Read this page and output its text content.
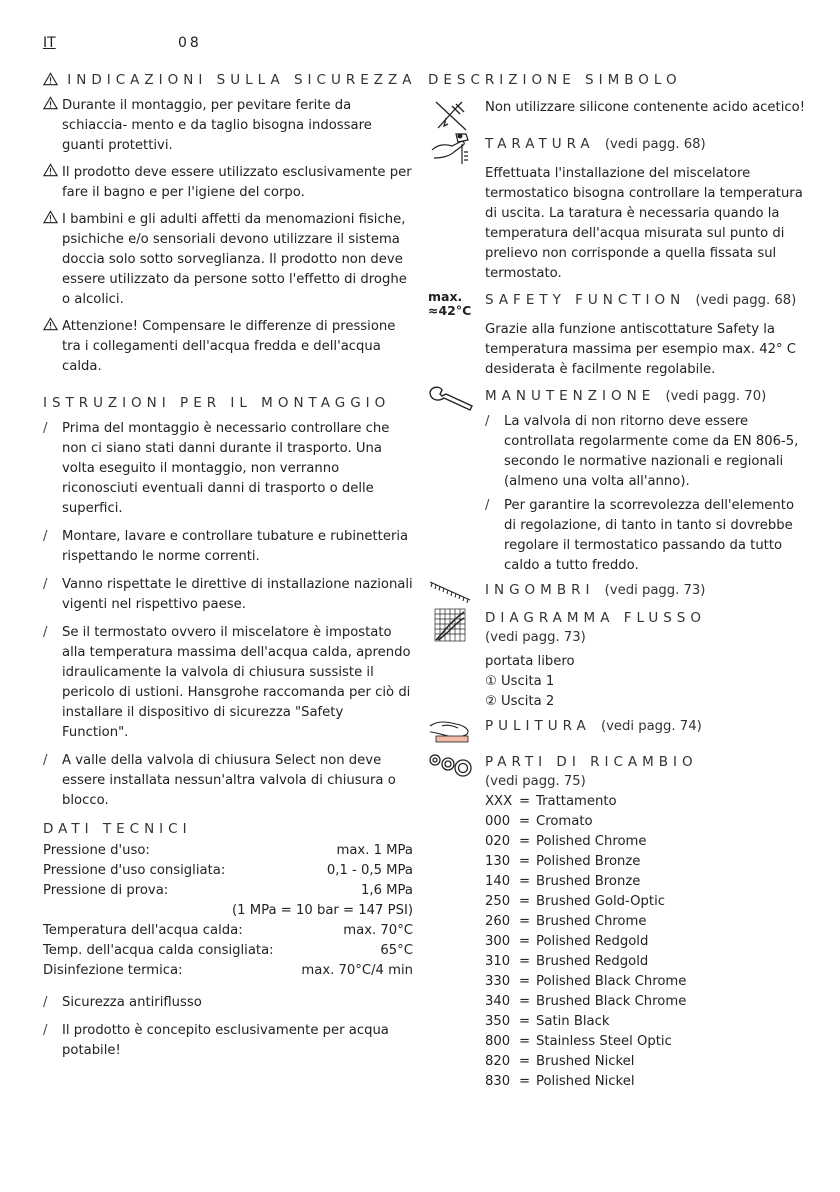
IT	08
INDICAZIONI SULLA SICUREZZA
Durante il montaggio, per pevitare ferite da schiaccia- mento e da taglio bisogna indossare guanti protettivi.
Il prodotto deve essere utilizzato esclusivamente per fare il bagno e per l'igiene del corpo.
I bambini e gli adulti affetti da menomazioni fisiche, psichiche e/o sensoriali devono utilizzare il sistema doccia solo sotto sorveglianza. Il prodotto non deve essere utilizzato da persone sotto l'effetto di droghe o alcolici.
Attenzione! Compensare le differenze di pressione tra i collegamenti dell'acqua fredda e dell'acqua calda.
ISTRUZIONI PER IL MONTAGGIO
/ Prima del montaggio è necessario controllare che non ci siano stati danni durante il trasporto. Una volta eseguito il montaggio, non verranno riconosciuti eventuali danni di trasporto o delle superfici.
/ Montare, lavare e controllare tubature e rubinetteria rispettando le norme correnti.
/ Vanno rispettate le direttive di installazione nazionali vigenti nel rispettivo paese.
/ Se il termostato ovvero il miscelatore è impostato alla temperatura massima dell'acqua calda, aprendo idraulicamente la valvola di chiusura sussiste il pericolo di ustioni. Hansgrohe raccomanda per ciò di installare il dispositivo di sicurezza "Safety Function".
/ A valle della valvola di chiusura Select non deve essere installata nessun'altra valvola di chiusura o blocco.
DATI TECNICI
Pressione d'uso:	max. 1 MPa
Pressione d'uso consigliata:	0,1 - 0,5 MPa
Pressione di prova:	1,6 MPa
(1 MPa = 10 bar = 147 PSI)
Temperatura dell'acqua calda:	max. 70°C
Temp. dell'acqua calda consigliata:	65°C
Disinfezione termica:	max. 70°C/4 min
/ Sicurezza antiriflusso
/ Il prodotto è concepito esclusivamente per acqua potabile!
DESCRIZIONE SIMBOLO
Non utilizzare silicone contenente acido acetico!
TARATURA (vedi pagg. 68)
Effettuata l'installazione del miscelatore termostatico bisogna controllare la temperatura di uscita. La taratura è necessaria quando la temperatura dell'acqua misurata sul punto di prelievo non corrisponde a quella fissata sul termostato.
max.
≈42°C
SAFETY FUNCTION (vedi pagg. 68)
Grazie alla funzione antiscottature Safety la temperatura massima per esempio max. 42° C desiderata è facilmente regolabile.
MANUTENZIONE (vedi pagg. 70)
/ La valvola di non ritorno deve essere controllata regolarmente come da EN 806-5, secondo le normative nazionali e regionali (almeno una volta all'anno).
/ Per garantire la scorrevolezza dell'elemento di regolazione, di tanto in tanto si dovrebbe regolare il termostatico passando da tutto caldo a tutto freddo.
INGOMBRI (vedi pagg. 73)
DIAGRAMMA FLUSSO
(vedi pagg. 73)
portata libero
① Uscita 1
② Uscita 2
PULITURA (vedi pagg. 74)
PARTI DI RICAMBIO
(vedi pagg. 75)
XXX = Trattamento
000 = Cromato
020 = Polished Chrome
130 = Polished Bronze
140 = Brushed Bronze
250 = Brushed Gold-Optic
260 = Brushed Chrome
300 = Polished Redgold
310 = Brushed Redgold
330 = Polished Black Chrome
340 = Brushed Black Chrome
350 = Satin Black
800 = Stainless Steel Optic
820 = Brushed Nickel
830 = Polished Nickel
